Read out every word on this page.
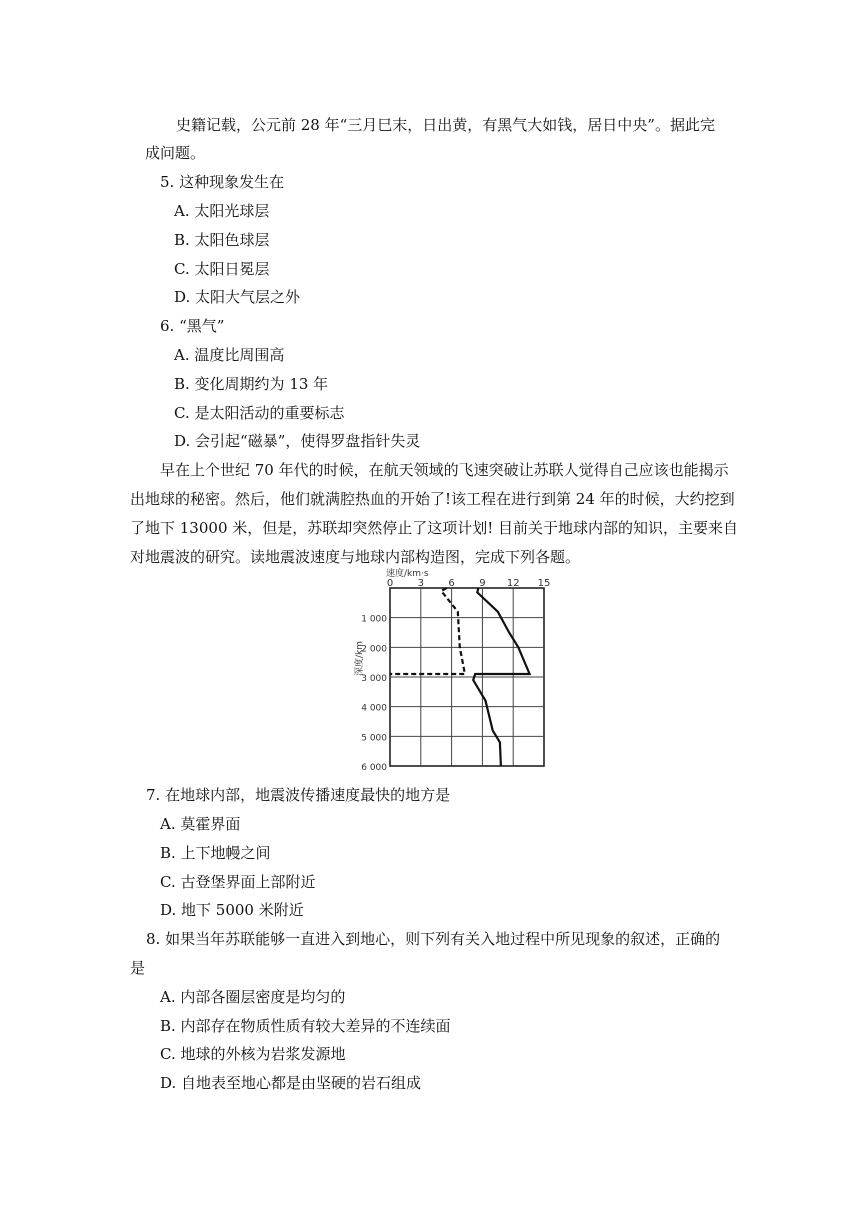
史籍记载，公元前 28 年“三月巳末，日出黄，有黑气大如钱，居日中央”。据此完
成问题。
5. 这种现象发生在
A. 太阳光球层
B. 太阳色球层
C. 太阳日冕层
D. 太阳大气层之外
6. “黑气”
A. 温度比周围高
B. 变化周期约为 13 年
C. 是太阳活动的重要标志
D. 会引起“磁暴”，使得罗盘指针失灵
早在上个世纪 70 年代的时候，在航天领域的飞速突破让苏联人觉得自己应该也能揭示
出地球的秘密。然后，他们就满腔热血的开始了!该工程在进行到第 24 年的时候，大约挖到
了地下 13000 米，但是，苏联却突然停止了这项计划! 目前关于地球内部的知识，主要来自
对地震波的研究。读地震波速度与地球内部构造图，完成下列各题。
速度/km·s
0 3 6 9 12 15
1 000
2 000
3 000
4 000
5 000
6 000
深度/km
7. 在地球内部，地震波传播速度最快的地方是
A. 莫霍界面
B. 上下地幔之间
C. 古登堡界面上部附近
D. 地下 5000 米附近
8. 如果当年苏联能够一直进入到地心，则下列有关入地过程中所见现象的叙述，正确的
是
A. 内部各圈层密度是均匀的
B. 内部存在物质性质有较大差异的不连续面
C. 地球的外核为岩浆发源地
D. 自地表至地心都是由坚硬的岩石组成
